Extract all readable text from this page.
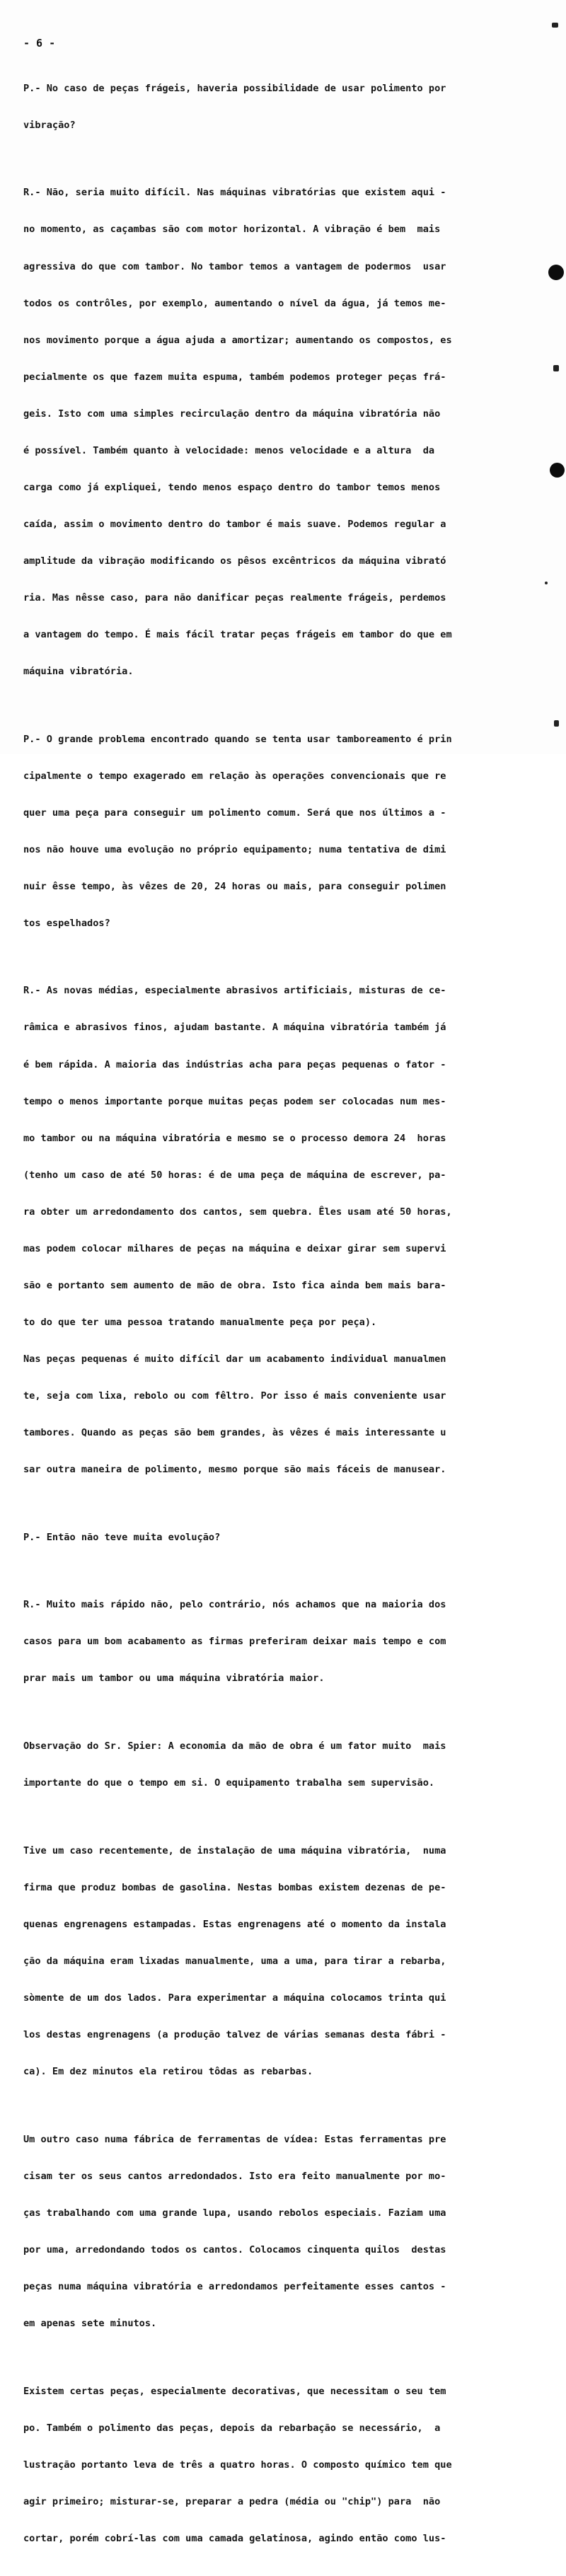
- 6 -

P.- No caso de peças frágeis, haveria possibilidade de usar polimento por

vibração?

R.- Não, seria muito difícil. Nas máquinas vibratórias que existem aqui -

no momento, as caçambas são com motor horizontal. A vibração é bem  mais

agressiva do que com tambor. No tambor temos a vantagem de podermos  usar

todos os contrôles, por exemplo, aumentando o nível da água, já temos me-

nos movimento porque a água ajuda a amortizar; aumentando os compostos, es

pecialmente os que fazem muita espuma, também podemos proteger peças frá-

geis. Isto com uma simples recirculação dentro da máquina vibratória não

é possível. Também quanto à velocidade: menos velocidade e a altura  da

carga como já expliquei, tendo menos espaço dentro do tambor temos menos

caída, assim o movimento dentro do tambor é mais suave. Podemos regular a

amplitude da vibração modificando os pêsos excêntricos da máquina vibrató

ria. Mas nêsse caso, para não danificar peças realmente frágeis, perdemos

a vantagem do tempo. É mais fácil tratar peças frágeis em tambor do que em

máquina vibratória.

P.- O grande problema encontrado quando se tenta usar tamboreamento é prin

cipalmente o tempo exagerado em relação às operações convencionais que re

quer uma peça para conseguir um polimento comum. Será que nos últimos a -

nos não houve uma evolução no próprio equipamento; numa tentativa de dimi

nuir êsse tempo, às vêzes de 20, 24 horas ou mais, para conseguir polimen

tos espelhados?

R.- As novas médias, especialmente abrasivos artificiais, misturas de ce-

râmica e abrasivos finos, ajudam bastante. A máquina vibratória também já

é bem rápida. A maioria das indústrias acha para peças pequenas o fator -

tempo o menos importante porque muitas peças podem ser colocadas num mes-

mo tambor ou na máquina vibratória e mesmo se o processo demora 24  horas

(tenho um caso de até 50 horas: é de uma peça de máquina de escrever, pa-

ra obter um arredondamento dos cantos, sem quebra. Êles usam até 50 horas,

mas podem colocar milhares de peças na máquina e deixar girar sem supervi

são e portanto sem aumento de mão de obra. Isto fica ainda bem mais bara-

to do que ter uma pessoa tratando manualmente peça por peça).

Nas peças pequenas é muito difícil dar um acabamento individual manualmen

te, seja com lixa, rebolo ou com fêltro. Por isso é mais conveniente usar

tambores. Quando as peças são bem grandes, às vêzes é mais interessante u

sar outra maneira de polimento, mesmo porque são mais fáceis de manusear.

P.- Então não teve muita evolução?

R.- Muito mais rápido não, pelo contrário, nós achamos que na maioria dos

casos para um bom acabamento as firmas preferiram deixar mais tempo e com

prar mais um tambor ou uma máquina vibratória maior.

Observação do Sr. Spier: A economia da mão de obra é um fator muito  mais

importante do que o tempo em si. O equipamento trabalha sem supervisão.

Tive um caso recentemente, de instalação de uma máquina vibratória,  numa

firma que produz bombas de gasolina. Nestas bombas existem dezenas de pe-

quenas engrenagens estampadas. Estas engrenagens até o momento da instala

ção da máquina eram lixadas manualmente, uma a uma, para tirar a rebarba,

sòmente de um dos lados. Para experimentar a máquina colocamos trinta qui

los destas engrenagens (a produção talvez de várias semanas desta fábri -

ca). Em dez minutos ela retirou tôdas as rebarbas.

Um outro caso numa fábrica de ferramentas de vídea: Estas ferramentas pre

cisam ter os seus cantos arredondados. Isto era feito manualmente por mo-

ças trabalhando com uma grande lupa, usando rebolos especiais. Faziam uma

por uma, arredondando todos os cantos. Colocamos cinquenta quilos  destas

peças numa máquina vibratória e arredondamos perfeitamente esses cantos -

em apenas sete minutos.

Existem certas peças, especialmente decorativas, que necessitam o seu tem

po. Também o polimento das peças, depois da rebarbação se necessário,  a

lustração portanto leva de três a quatro horas. O composto químico tem que

agir primeiro; misturar-se, preparar a pedra (média ou "chip") para  não

cortar, porém cobrí-las com uma camada gelatinosa, agindo então como lus-
